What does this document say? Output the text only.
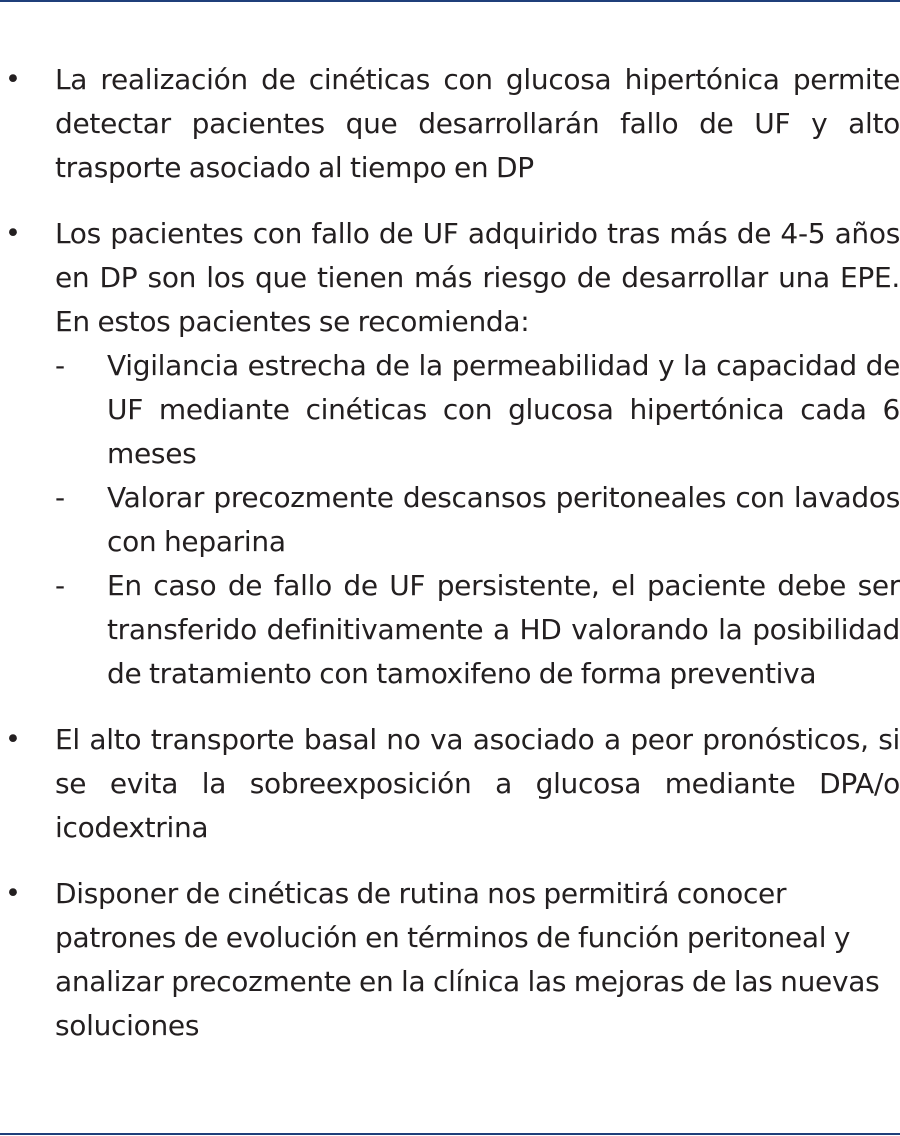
• La realización de cinéticas con glucosa hipertónica permite detectar pacientes que desarrollarán fallo de UF y alto trasporte asociado al tiempo en DP
• Los pacientes con fallo de UF adquirido tras más de 4-5 años en DP son los que tienen más riesgo de desarrollar una EPE. En estos pacientes se recomienda:
- Vigilancia estrecha de la permeabilidad y la capacidad de UF mediante cinéticas con glucosa hipertónica cada 6 meses
- Valorar precozmente descansos peritoneales con lavados con heparina
- En caso de fallo de UF persistente, el paciente debe ser transferido definitivamente a HD valorando la posibilidad de tratamiento con tamoxifeno de forma preventiva
• El alto transporte basal no va asociado a peor pronósticos, si se evita la sobreexposición a glucosa mediante DPA/o icodextrina
• Disponer de cinéticas de rutina nos permitirá conocer patrones de evolución en términos de función peritoneal y analizar precozmente en la clínica las mejoras de las nuevas soluciones
